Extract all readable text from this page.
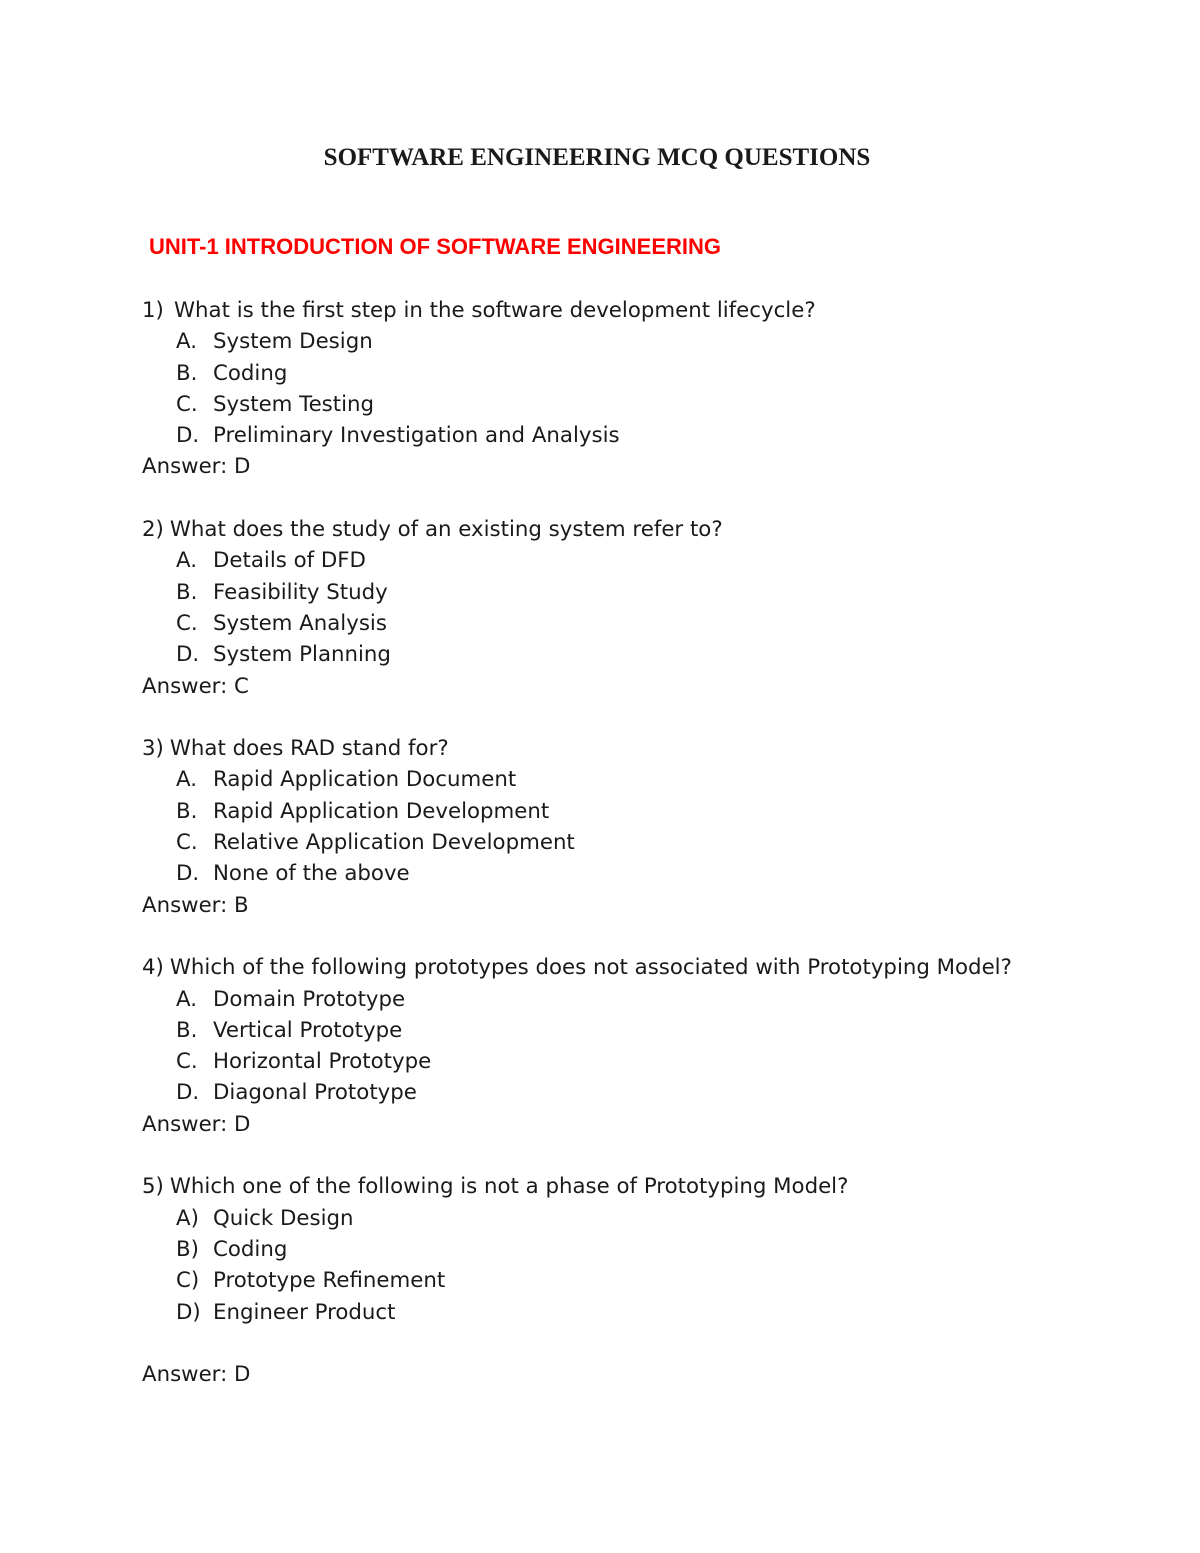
SOFTWARE ENGINEERING MCQ QUESTIONS
UNIT-1 INTRODUCTION OF SOFTWARE ENGINEERING
1) What is the first step in the software development lifecycle?
A. System Design
B. Coding
C. System Testing
D. Preliminary Investigation and Analysis
Answer: D
2) What does the study of an existing system refer to?
A. Details of DFD
B. Feasibility Study
C. System Analysis
D. System Planning
Answer: C
3) What does RAD stand for?
A. Rapid Application Document
B. Rapid Application Development
C. Relative Application Development
D. None of the above
Answer: B
4) Which of the following prototypes does not associated with Prototyping Model?
A. Domain Prototype
B. Vertical Prototype
C. Horizontal Prototype
D. Diagonal Prototype
Answer: D
5) Which one of the following is not a phase of Prototyping Model?
A) Quick Design
B) Coding
C) Prototype Refinement
D) Engineer Product
Answer: D
